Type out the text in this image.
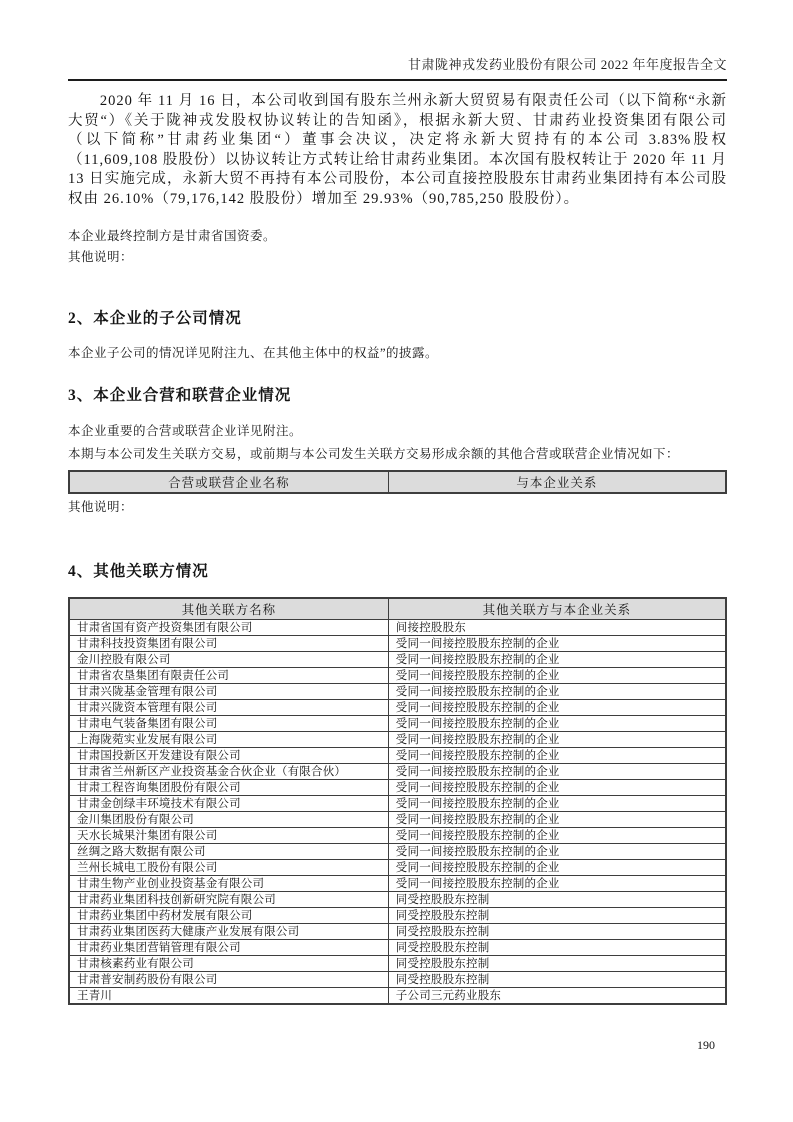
甘肃陇神戎发药业股份有限公司 2022 年年度报告全文

2020 年 11 月 16 日，本公司收到国有股东兰州永新大贸贸易有限责任公司（以下简称“永新大贸“）《关于陇神戎发股权协议转让的告知函》，根据永新大贸、甘肃药业投资集团有限公司（以下简称”甘肃药业集团“）董事会决议，决定将永新大贸持有的本公司 3.83%股权（11,609,108 股股份）以协议转让方式转让给甘肃药业集团。本次国有股权转让于 2020 年 11 月 13 日实施完成，永新大贸不再持有本公司股份，本公司直接控股股东甘肃药业集团持有本公司股权由 26.10%（79,176,142 股股份）增加至 29.93%（90,785,250 股股份）。

本企业最终控制方是甘肃省国资委。

其他说明：

2、本企业的子公司情况

本企业子公司的情况详见附注九、在其他主体中的权益”的披露。

3、本企业合营和联营企业情况

本企业重要的合营或联营企业详见附注。

本期与本公司发生关联方交易，或前期与本公司发生关联方交易形成余额的其他合营或联营企业情况如下：

合营或联营企业名称	与本企业关系

其他说明：

4、其他关联方情况
其他关联方名称	其他关联方与本企业关系
甘肃省国有资产投资集团有限公司	间接控股股东
甘肃科技投资集团有限公司	受同一间接控股股东控制的企业
金川控股有限公司	受同一间接控股股东控制的企业
甘肃省农垦集团有限责任公司	受同一间接控股股东控制的企业
甘肃兴陇基金管理有限公司	受同一间接控股股东控制的企业
甘肃兴陇资本管理有限公司	受同一间接控股股东控制的企业
甘肃电气装备集团有限公司	受同一间接控股股东控制的企业
上海陇菀实业发展有限公司	受同一间接控股股东控制的企业
甘肃国投新区开发建设有限公司	受同一间接控股股东控制的企业
甘肃省兰州新区产业投资基金合伙企业（有限合伙）	受同一间接控股股东控制的企业
甘肃工程咨询集团股份有限公司	受同一间接控股股东控制的企业
甘肃金创绿丰环境技术有限公司	受同一间接控股股东控制的企业
金川集团股份有限公司	受同一间接控股股东控制的企业
天水长城果汁集团有限公司	受同一间接控股股东控制的企业
丝绸之路大数据有限公司	受同一间接控股股东控制的企业
兰州长城电工股份有限公司	受同一间接控股股东控制的企业
甘肃生物产业创业投资基金有限公司	受同一间接控股股东控制的企业
甘肃药业集团科技创新研究院有限公司	同受控股股东控制
甘肃药业集团中药材发展有限公司	同受控股股东控制
甘肃药业集团医药大健康产业发展有限公司	同受控股股东控制
甘肃药业集团营销管理有限公司	同受控股股东控制
甘肃核素药业有限公司	同受控股股东控制
甘肃普安制药股份有限公司	同受控股股东控制
王青川	子公司三元药业股东
190
